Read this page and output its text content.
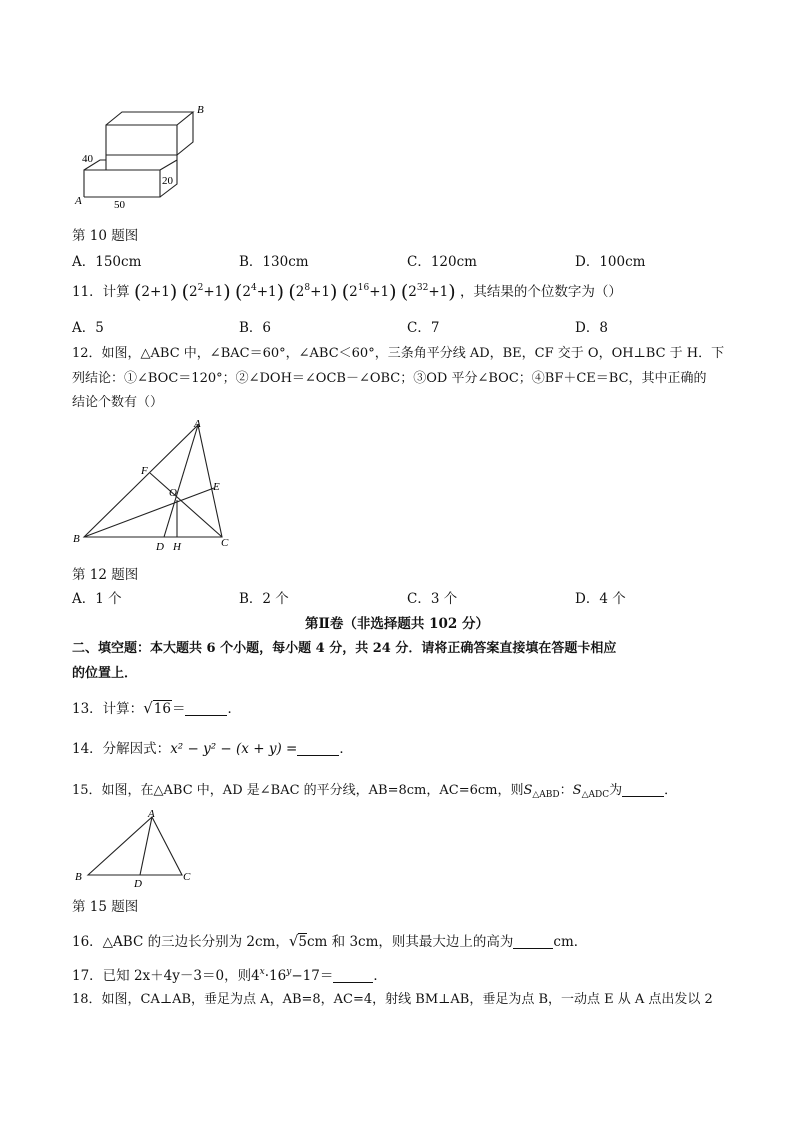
B
A
40
20
50
第 10 题图
A．150cm	B．130cm	C．120cm	D．100cm
11．计算 (2+1) $(2^2+1)$ $(2^4+1)$ $(2^8+1)$ $(2^{16}+1)$ $(2^{32}+1)$ ，其结果的个位数字为（）
A．5	B．6	C．7	D．8
12．如图，△ABC 中，∠BAC＝60°，∠ABC＜60°，三条角平分线 AD，BE，CF 交于 O，OH⊥BC 于 H．下
列结论：①∠BOC＝120°；②∠DOH＝∠OCB－∠OBC；③OD 平分∠BOC；④BF＋CE＝BC，其中正确的
结论个数有（）
A
B	C
D H
E
F
O
第 12 题图
A．1 个	B．2 个	C．3 个	D．4 个
第Ⅱ卷（非选择题共 102 分）
二、填空题：本大题共 6 个小题，每小题 4 分，共 24 分．请将正确答案直接填在答题卡相应
的位置上．
13．计算：√16＝	．
14．分解因式：x² − y² − (x + y) =	．
15．如图，在△ABC 中，AD 是∠BAC 的平分线，AB=8cm，AC=6cm，则$S_{\triangle ABD}$：$S_{\triangle ADC}$为	．
A
B	C
D
第 15 题图
16．△ABC 的三边长分别为 2cm，√5cm 和 3cm，则其最大边上的高为	cm．
17．已知 2x＋4y－3＝0，则$4^x\cdot 16^y-17=$	．
18．如图，CA⊥AB，垂足为点 A，AB=8，AC=4，射线 BM⊥AB，垂足为点 B，一动点 E 从 A 点出发以 2
